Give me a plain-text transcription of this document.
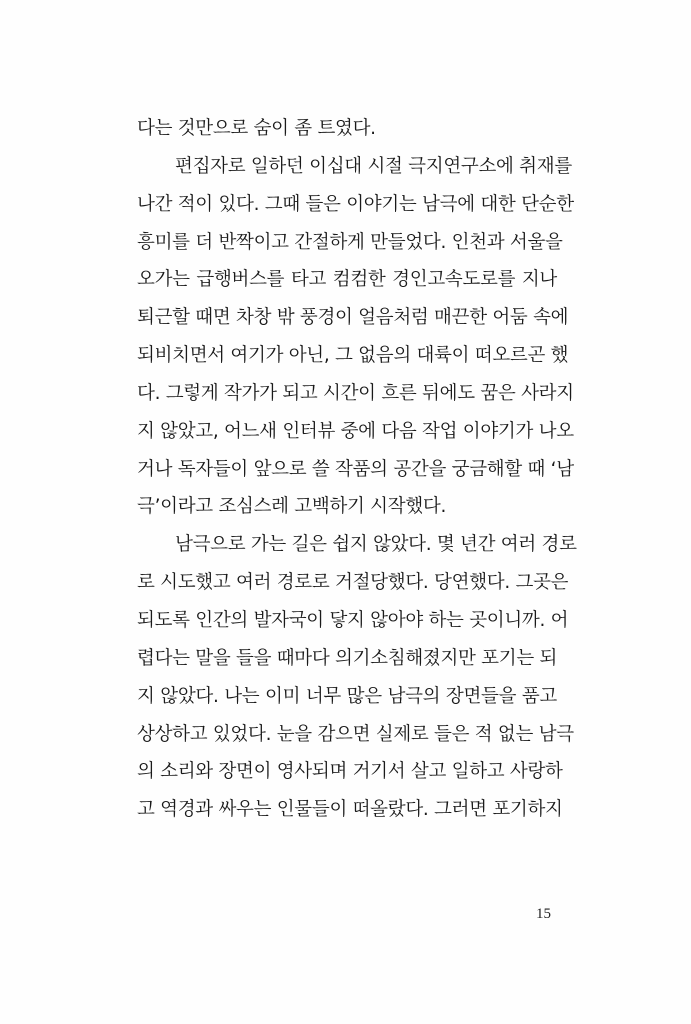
다는 것만으로 숨이 좀 트였다.
편집자로 일하던 이십대 시절 극지연구소에 취재를
나간 적이 있다. 그때 들은 이야기는 남극에 대한 단순한
흥미를 더 반짝이고 간절하게 만들었다. 인천과 서울을
오가는 급행버스를 타고 컴컴한 경인고속도로를 지나
퇴근할 때면 차창 밖 풍경이 얼음처럼 매끈한 어둠 속에
되비치면서 여기가 아닌, 그 없음의 대륙이 떠오르곤 했
다. 그렇게 작가가 되고 시간이 흐른 뒤에도 꿈은 사라지
지 않았고, 어느새 인터뷰 중에 다음 작업 이야기가 나오
거나 독자들이 앞으로 쓸 작품의 공간을 궁금해할 때 ‘남
극’이라고 조심스레 고백하기 시작했다.
남극으로 가는 길은 쉽지 않았다. 몇 년간 여러 경로
로 시도했고 여러 경로로 거절당했다. 당연했다. 그곳은
되도록 인간의 발자국이 닿지 않아야 하는 곳이니까. 어
렵다는 말을 들을 때마다 의기소침해졌지만 포기는 되
지 않았다. 나는 이미 너무 많은 남극의 장면들을 품고
상상하고 있었다. 눈을 감으면 실제로 들은 적 없는 남극
의 소리와 장면이 영사되며 거기서 살고 일하고 사랑하
고 역경과 싸우는 인물들이 떠올랐다. 그러면 포기하지
15
